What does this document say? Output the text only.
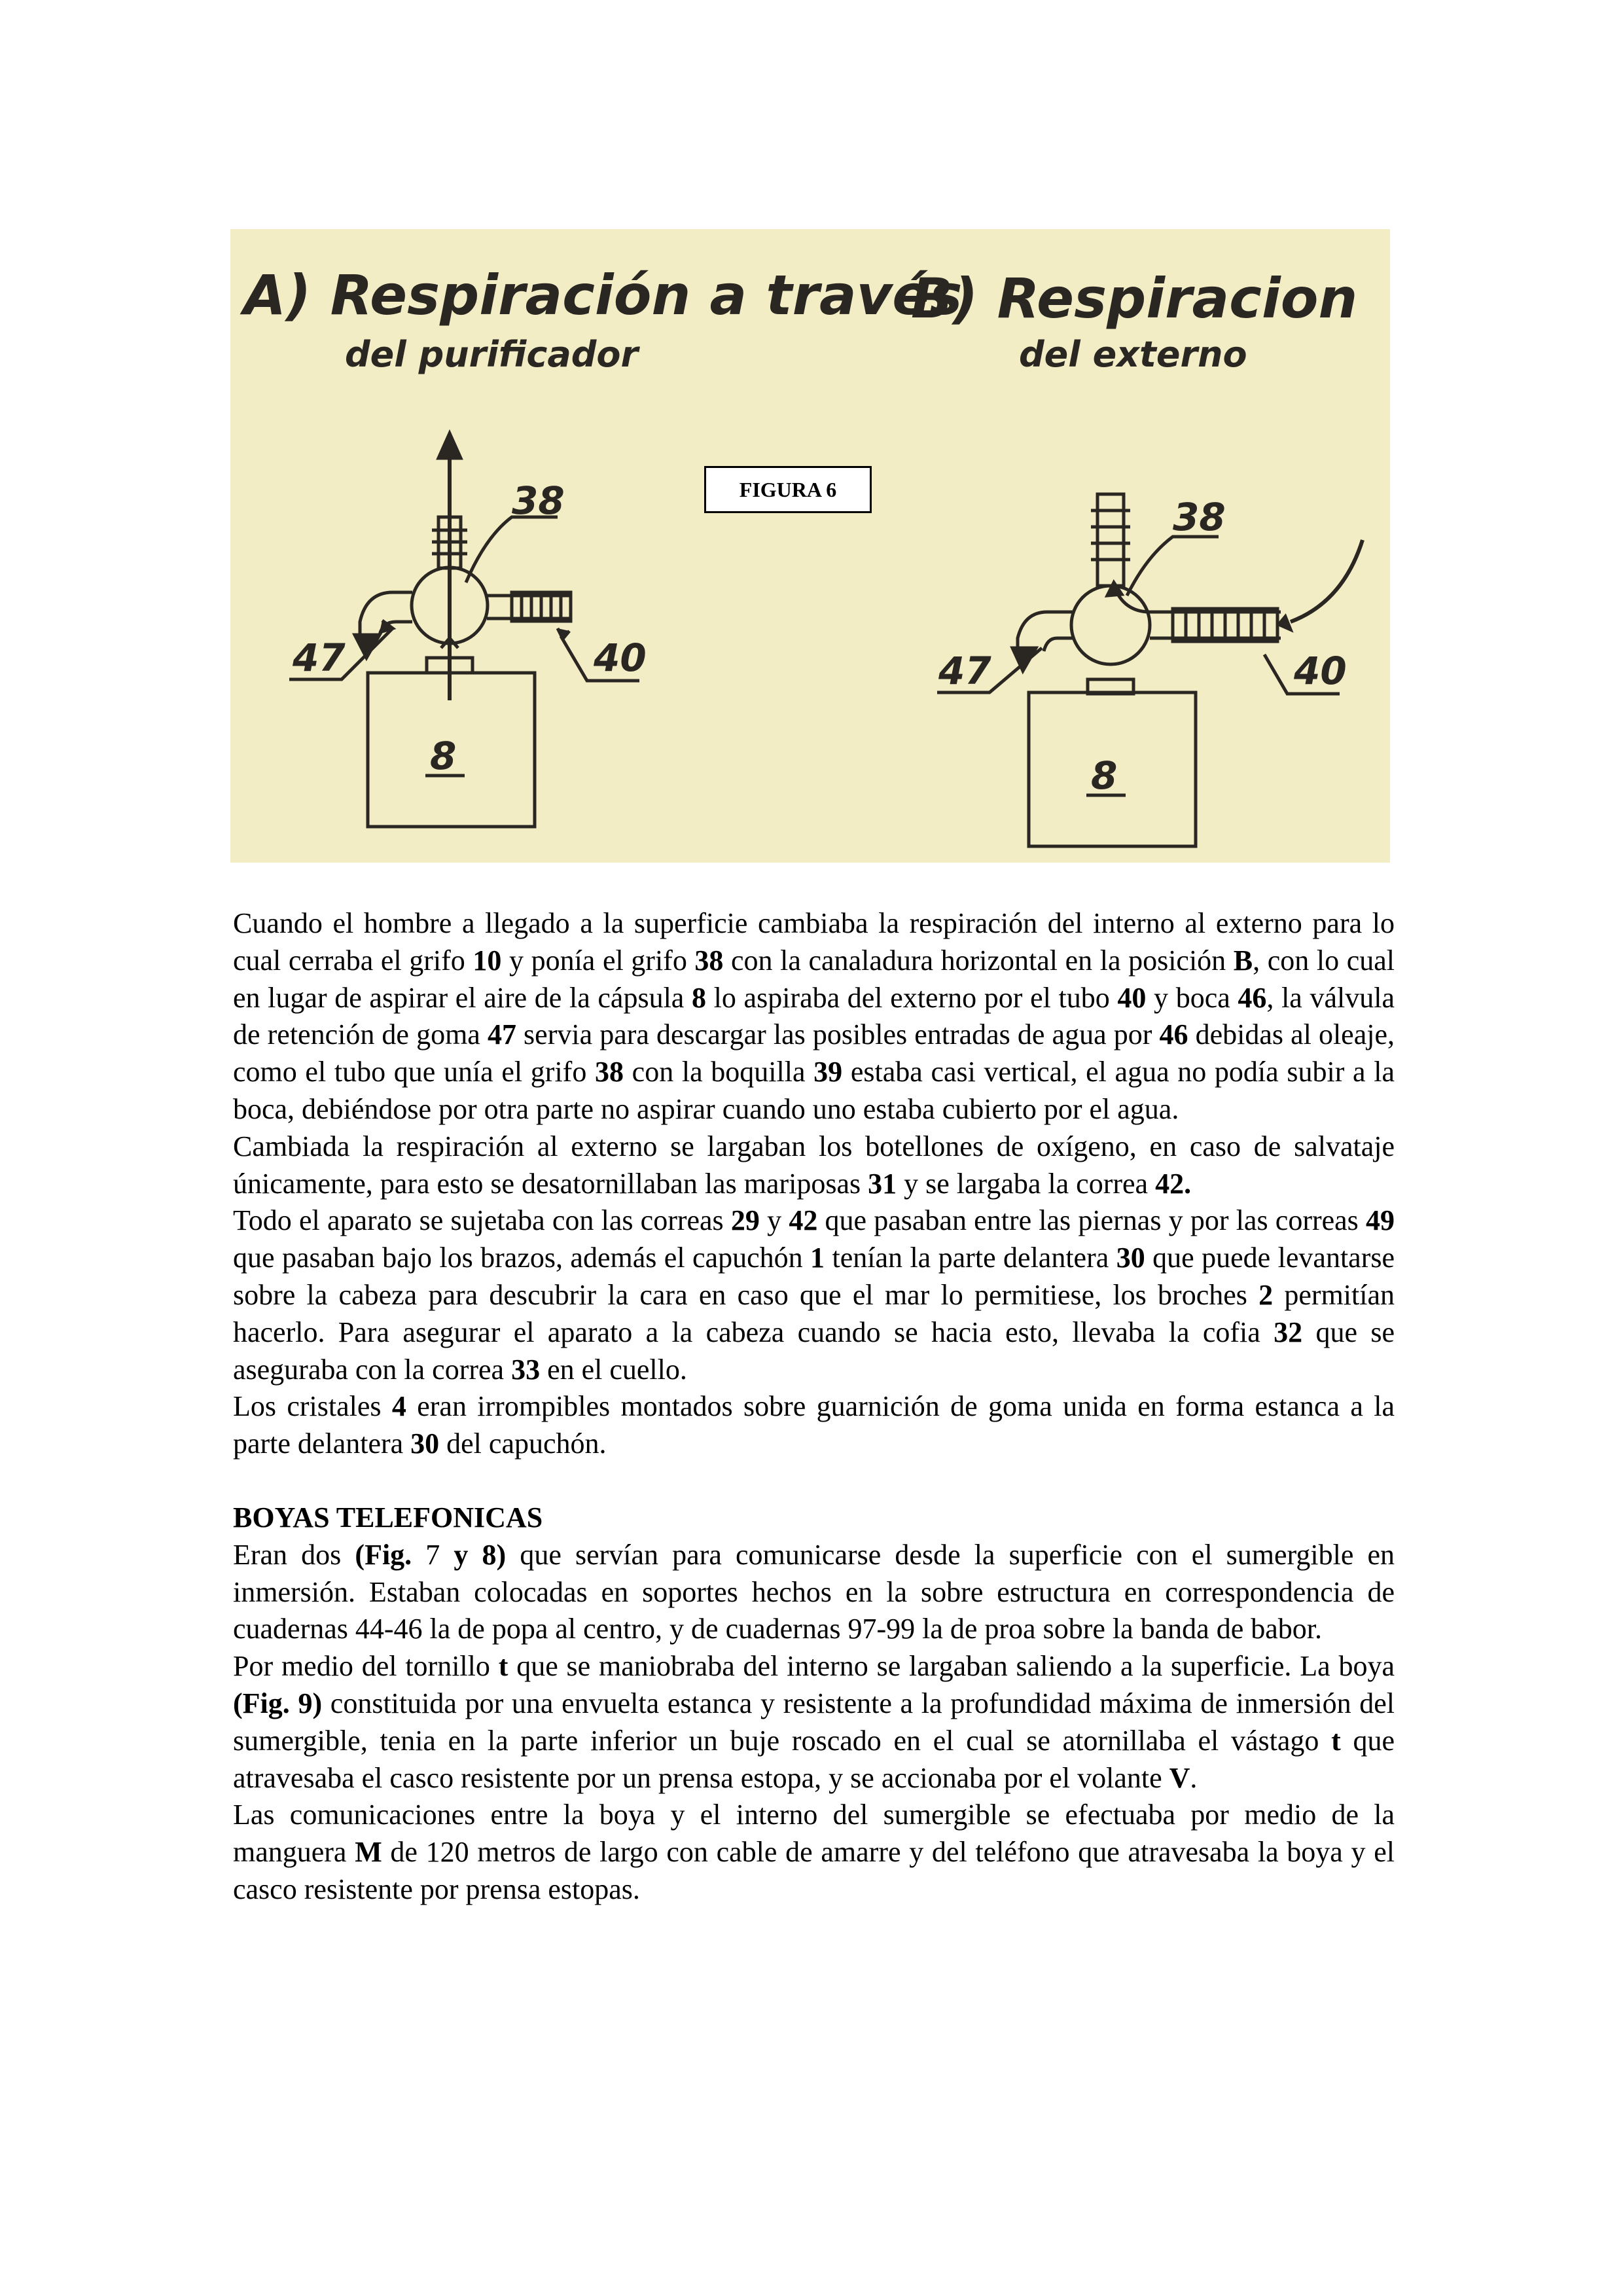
A) Respiración a través
del purificador
B) Respiracion
del externo
47	40
38
8
47	40
38
8
FIGURA 6

Cuando el hombre a llegado a la superficie cambiaba la respiración del interno al externo para lo cual cerraba el grifo 10 y ponía el grifo 38 con la canaladura horizontal en la posición B, con lo cual en lugar de aspirar el aire de la cápsula 8 lo aspiraba del externo por el tubo 40 y boca 46, la válvula de retención de goma 47 servia para descargar las posibles entradas de agua por 46 debidas al oleaje, como el tubo que unía el grifo 38 con la boquilla 39 estaba casi vertical, el agua no podía subir a la boca, debiéndose por otra parte no aspirar cuando uno estaba cubierto por el agua.

Cambiada la respiración al externo se largaban los botellones de oxígeno, en caso de salvataje únicamente, para esto se desatornillaban las mariposas 31 y se largaba la correa 42.

Todo el aparato se sujetaba con las correas 29 y 42 que pasaban entre las piernas y por las correas 49 que pasaban bajo los brazos, además el capuchón 1 tenían la parte delantera 30 que puede levantarse sobre la cabeza para descubrir la cara en caso que el mar lo permitiese, los broches 2 permitían hacerlo. Para asegurar el aparato a la cabeza cuando se hacia esto, llevaba la cofia 32 que se aseguraba con la correa 33 en el cuello.

Los cristales 4 eran irrompibles montados sobre guarnición de goma unida en forma estanca a la parte delantera 30 del capuchón.

BOYAS TELEFONICAS

Eran dos (Fig. 7 y 8) que servían para comunicarse desde la superficie con el sumergible en inmersión. Estaban colocadas en soportes hechos en la sobre estructura en correspondencia de cuadernas 44-46 la de popa al centro, y de cuadernas 97-99 la de proa sobre la banda de babor.

Por medio del tornillo t que se maniobraba del interno se largaban saliendo a la superficie. La boya (Fig. 9) constituida por una envuelta estanca y resistente a la profundidad máxima de inmersión del sumergible, tenia en la parte inferior un buje roscado en el cual se atornillaba el vástago t que atravesaba el casco resistente por un prensa estopa, y se accionaba por el volante V.

Las comunicaciones entre la boya y el interno del sumergible se efectuaba por medio de la manguera M de 120 metros de largo con cable de amarre y del teléfono que atravesaba la boya y el casco resistente por prensa estopas.
